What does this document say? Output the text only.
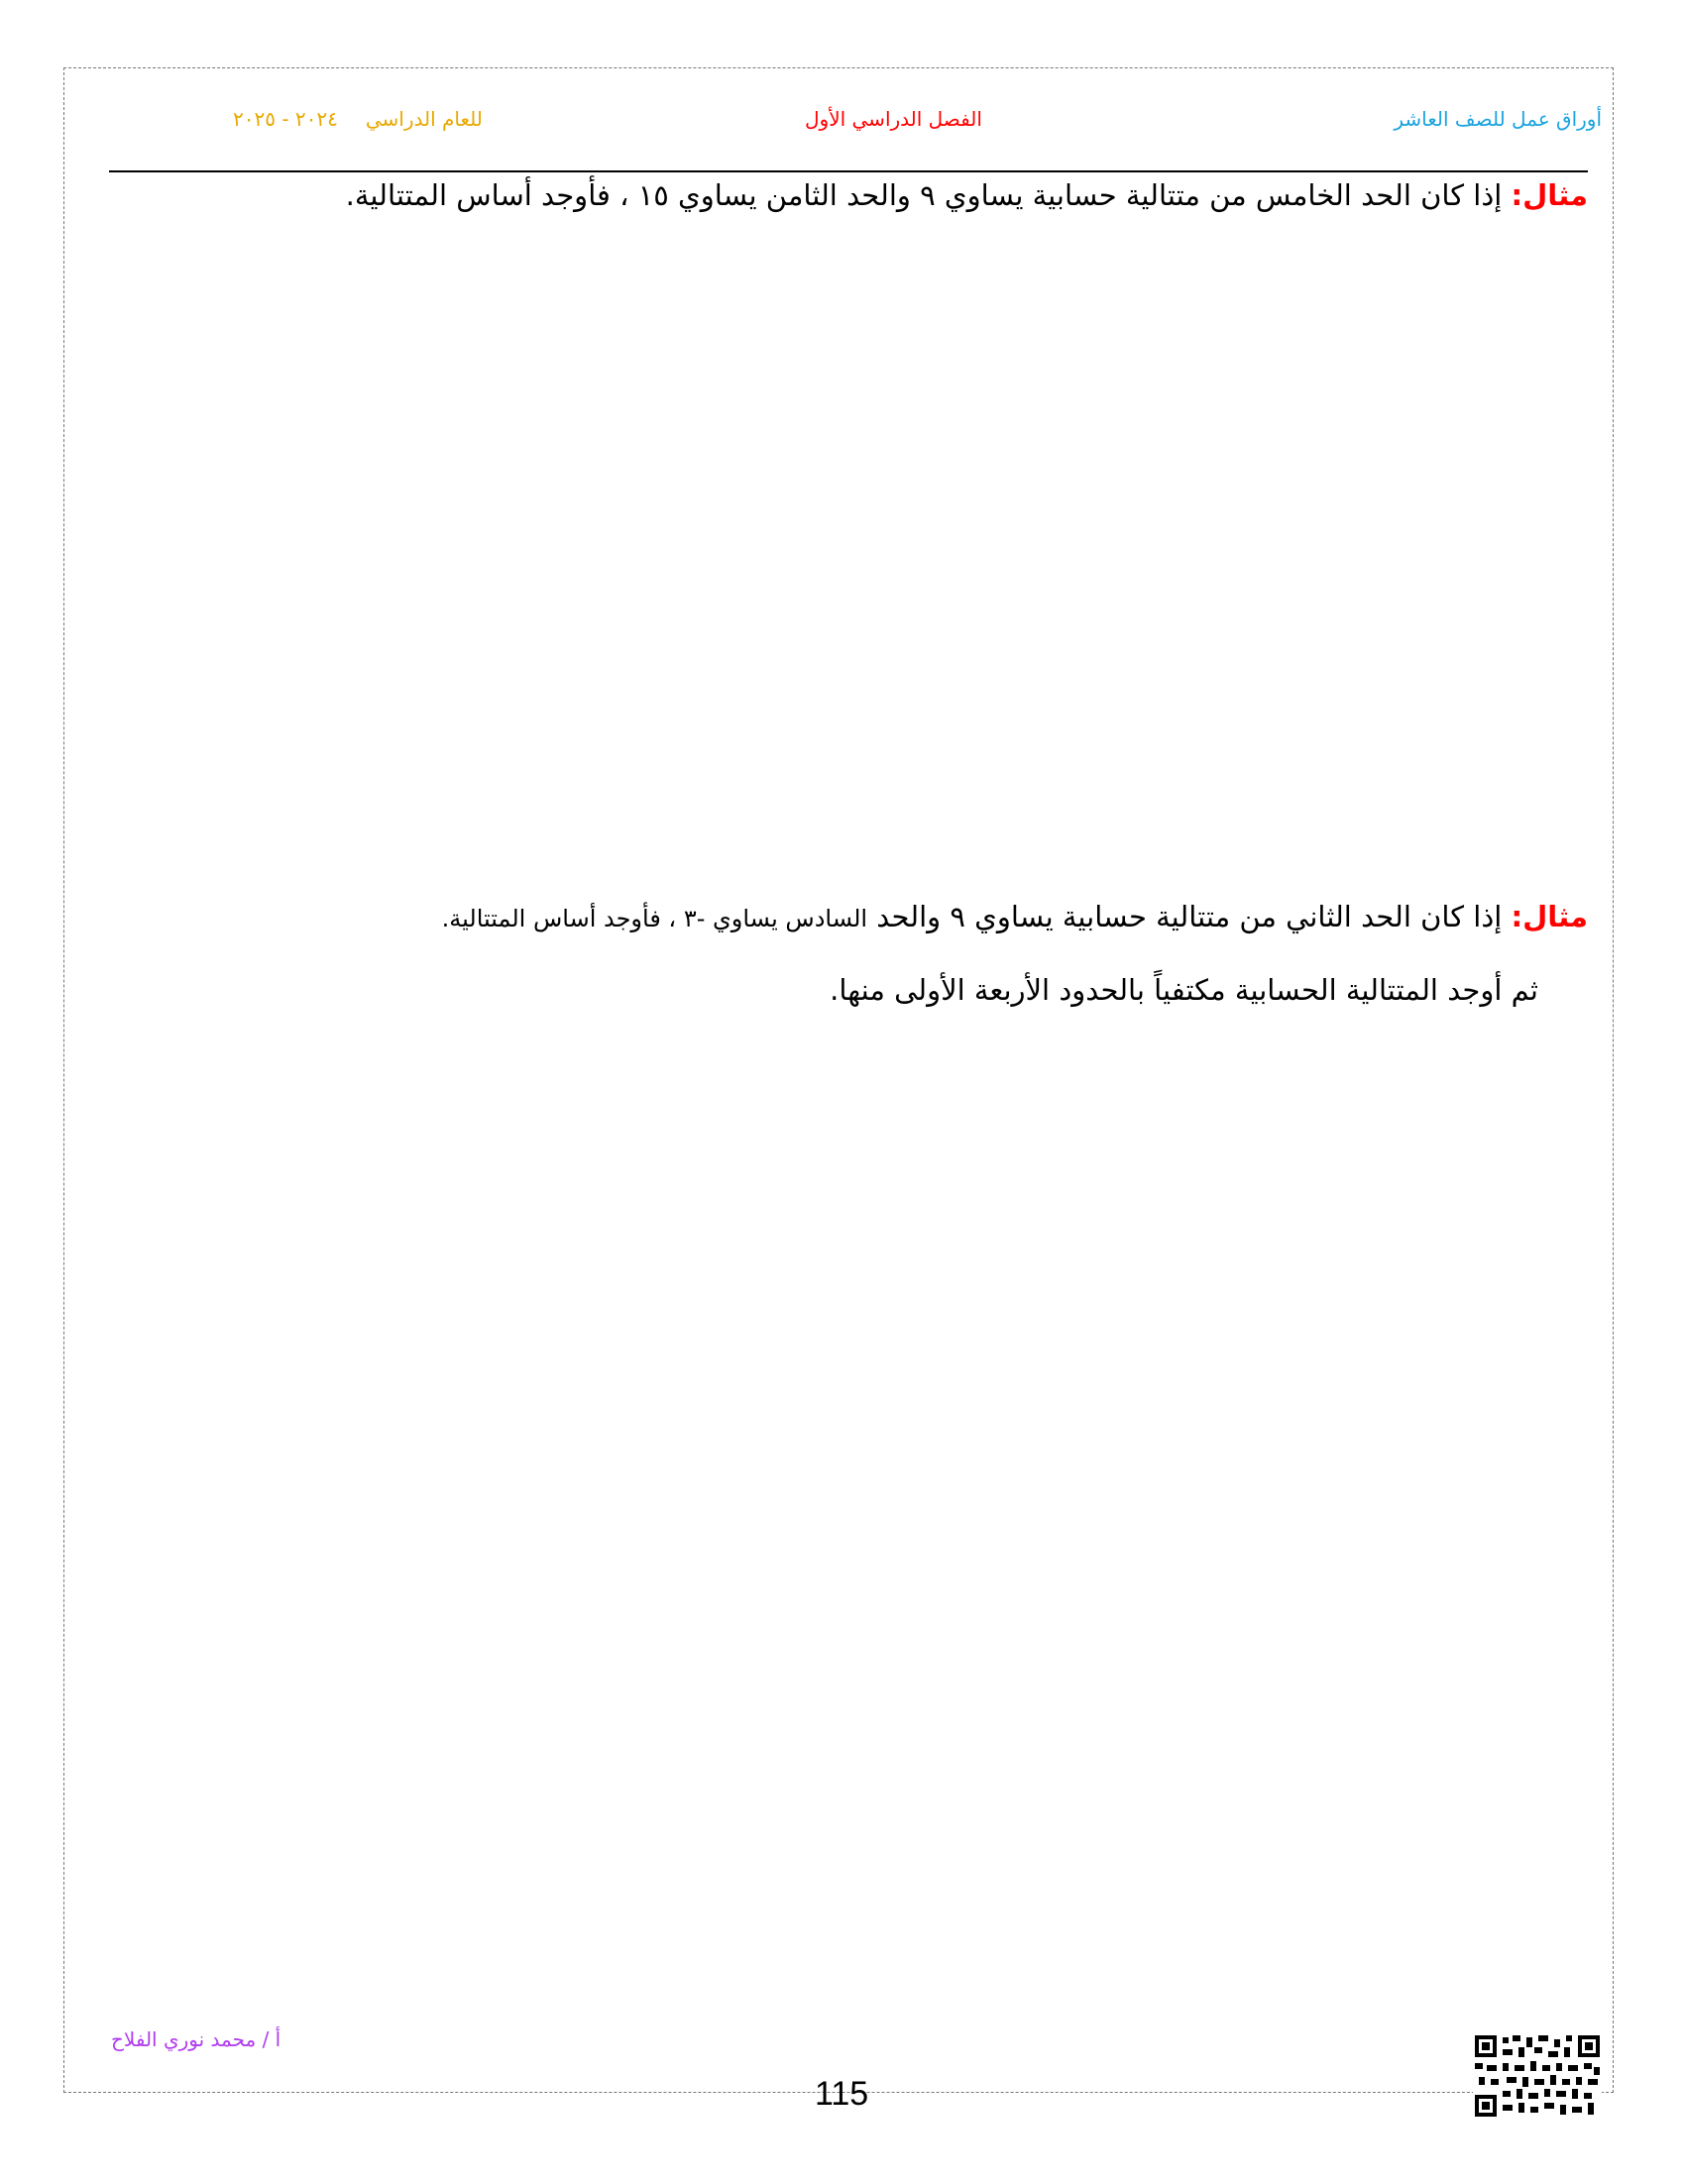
أوراق عمل للصف العاشر
الفصل الدراسي الأول
للعام الدراسي٢٠٢٤ - ٢٠٢٥
مثال: إذا كان الحد الخامس من متتالية حسابية يساوي ٩ والحد الثامن يساوي ١٥ ، فأوجد أساس المتتالية.
مثال: إذا كان الحد الثاني من متتالية حسابية يساوي ٩ والحد السادس يساوي -٣ ، فأوجد أساس المتتالية.
ثم أوجد المتتالية الحسابية مكتفياً بالحدود الأربعة الأولى منها.
أ / محمد نوري الفلاح
115
